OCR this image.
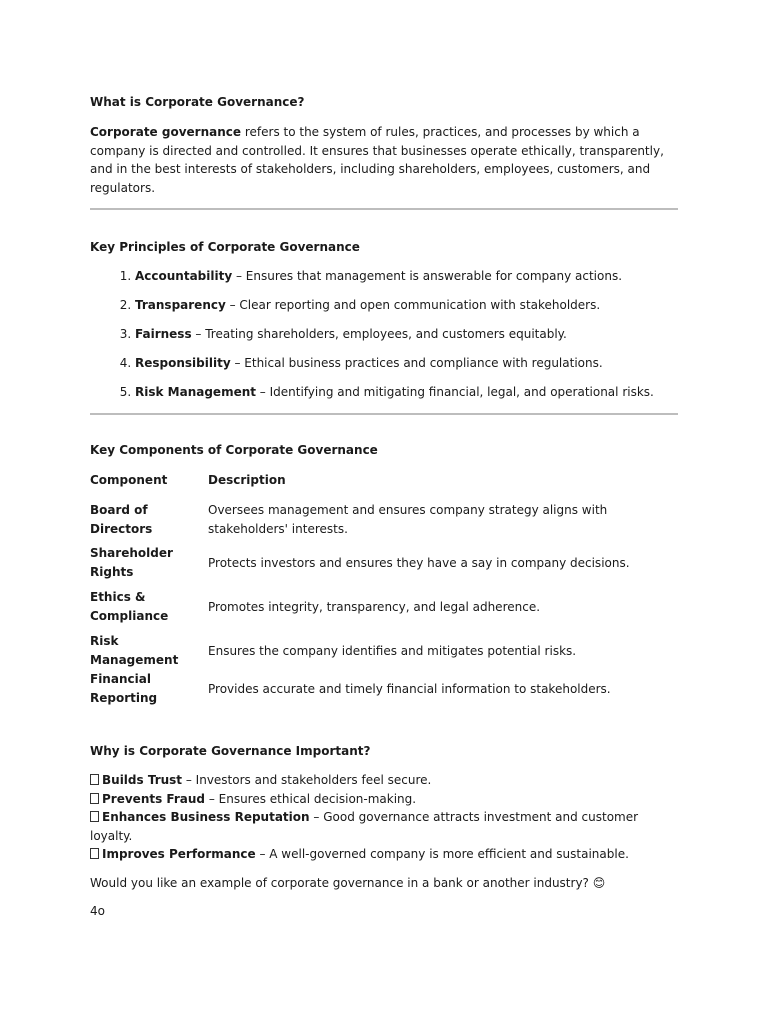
What is Corporate Governance?

Corporate governance refers to the system of rules, practices, and processes by which a company is directed and controlled. It ensures that businesses operate ethically, transparently, and in the best interests of stakeholders, including shareholders, employees, customers, and regulators.

Key Principles of Corporate Governance
1. Accountability – Ensures that management is answerable for company actions.
2. Transparency – Clear reporting and open communication with stakeholders.
3. Fairness – Treating shareholders, employees, and customers equitably.
4. Responsibility – Ethical business practices and compliance with regulations.
5. Risk Management – Identifying and mitigating financial, legal, and operational risks.
Key Components of Corporate Governance
Component	Description
Board of Directors	Oversees management and ensures company strategy aligns with stakeholders' interests.
Shareholder Rights	Protects investors and ensures they have a say in company decisions.
Ethics & Compliance	Promotes integrity, transparency, and legal adherence.
Risk Management	Ensures the company identifies and mitigates potential risks.
Financial Reporting	Provides accurate and timely financial information to stakeholders.
Why is Corporate Governance Important?
Builds Trust – Investors and stakeholders feel secure.
Prevents Fraud – Ensures ethical decision-making.
Enhances Business Reputation – Good governance attracts investment and customer loyalty.
Improves Performance – A well-governed company is more efficient and sustainable.

Would you like an example of corporate governance in a bank or another industry? 😊

4o
